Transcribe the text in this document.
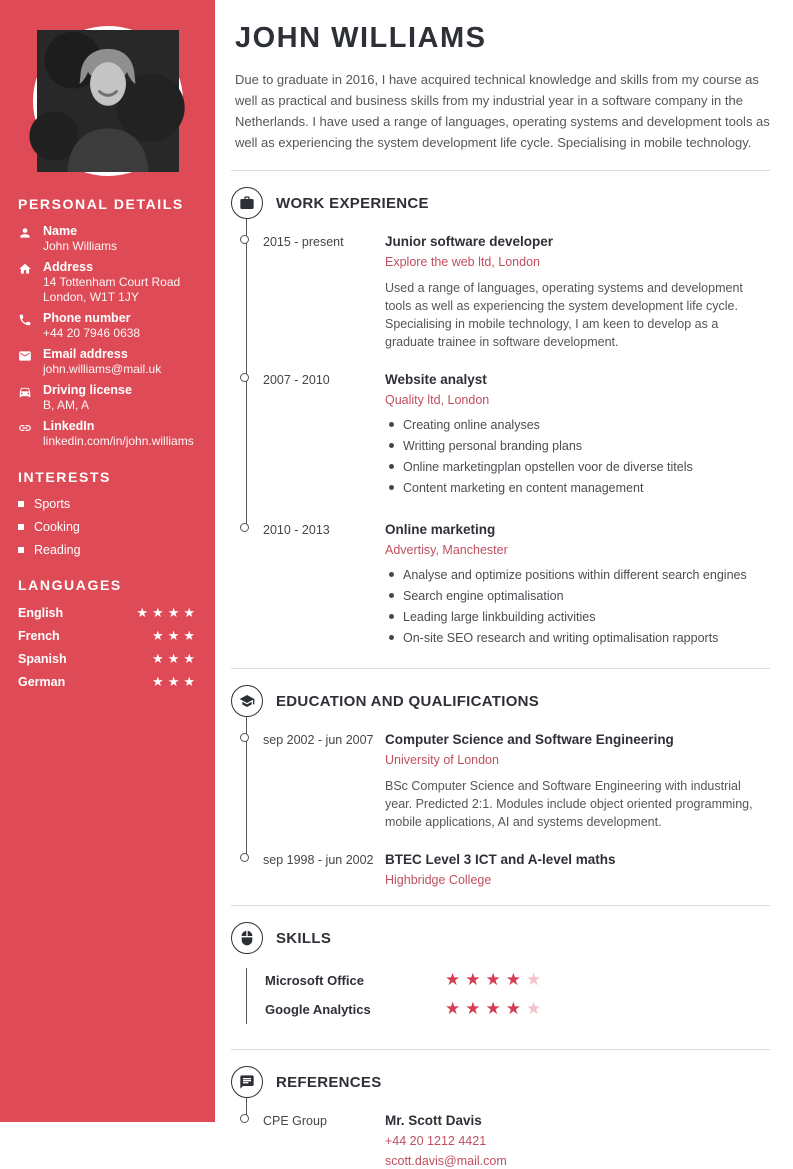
PERSONAL DETAILS
Name
John Williams
Address
14 Tottenham Court Road
London, W1T 1JY
Phone number
+44 20 7946 0638
Email address
john.williams@mail.uk
Driving license
B, AM, A
LinkedIn
linkedin.com/in/john.williams
INTERESTS
Sports
Cooking
Reading
LANGUAGES
English	★★★★
French	★★★
Spanish	★★★
German	★★★
JOHN WILLIAMS

Due to graduate in 2016, I have acquired technical knowledge and skills from my course as well as practical and business skills from my industrial year in a software company in the Netherlands. I have used a range of languages, operating systems and development tools as well as experiencing the system development life cycle. Specialising in mobile technology.

WORK EXPERIENCE
2015 - present	Junior software developer
Explore the web ltd, London

Used a range of languages, operating systems and development tools as well as experiencing the system development life cycle. Specialising in mobile technology, I am keen to develop as a graduate trainee in software development.

2007 - 2010	Website analyst
Quality ltd, London
Creating online analyses
Writting personal branding plans
Online marketingplan opstellen voor de diverse titels
Content marketing en content management
2010 - 2013	Online marketing
Advertisy, Manchester
Analyse and optimize positions within different search engines
Search engine optimalisation
Leading large linkbuilding activities
On-site SEO research and writing optimalisation rapports
EDUCATION AND QUALIFICATIONS
sep 2002 - jun 2007 Computer Science and Software Engineering
University of London

BSc Computer Science and Software Engineering with industrial year. Predicted 2:1. Modules include object oriented programming, mobile applications, AI and systems development.

sep 1998 - jun 2002 BTEC Level 3 ICT and A-level maths
Highbridge College
SKILLS
Microsoft Office	★★★★★
Google Analytics	★★★★★
REFERENCES
CPE Group	Mr. Scott Davis
+44 20 1212 4421
scott.davis@mail.com
